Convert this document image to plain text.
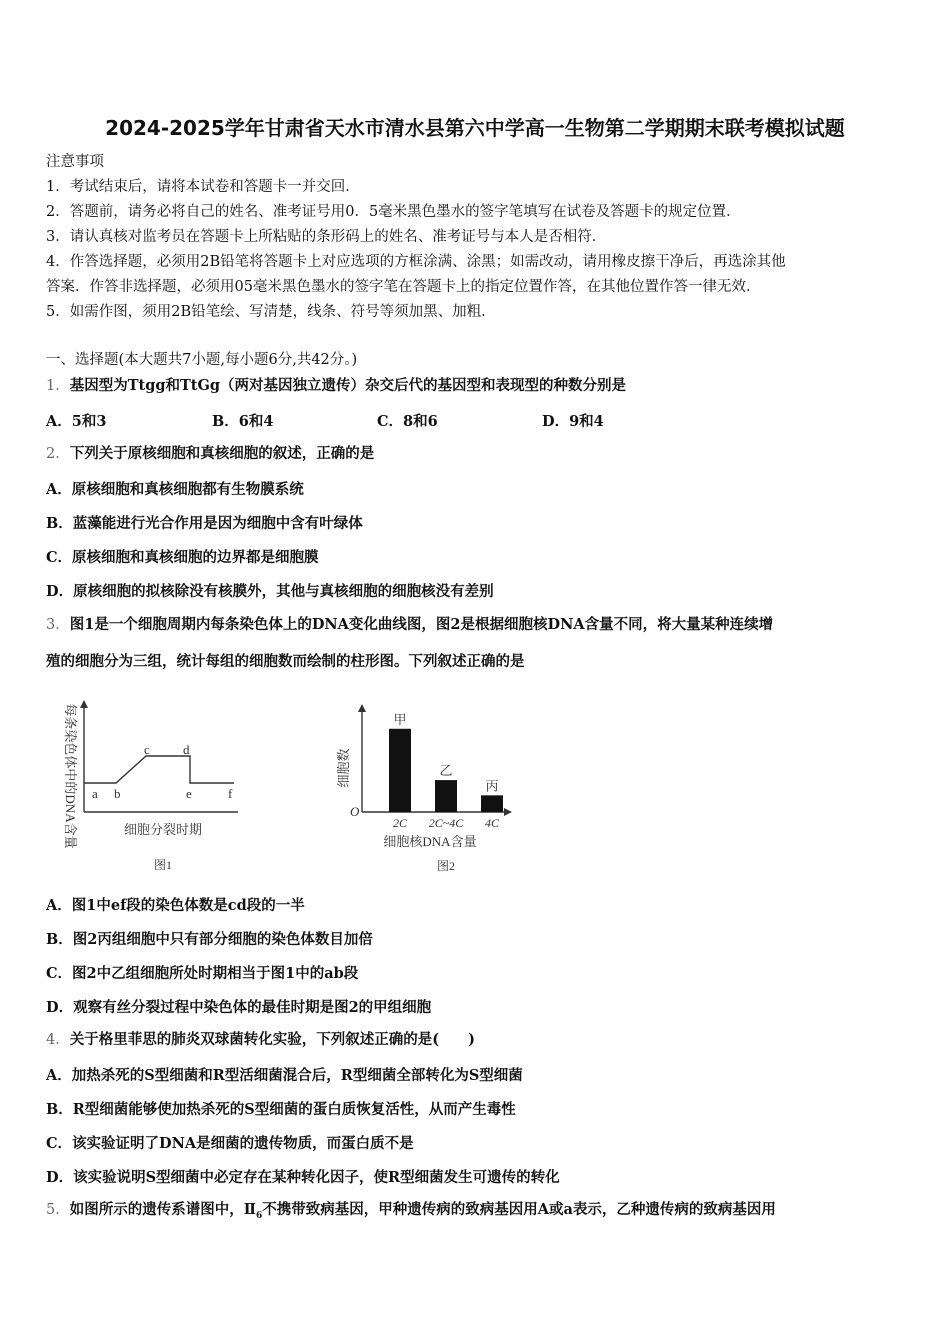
2024-2025学年甘肃省天水市清水县第六中学高一生物第二学期期末联考模拟试题
注意事项
1．考试结束后，请将本试卷和答题卡一并交回．
2．答题前，请务必将自己的姓名、准考证号用0．5毫米黑色墨水的签字笔填写在试卷及答题卡的规定位置．
3．请认真核对监考员在答题卡上所粘贴的条形码上的姓名、准考证号与本人是否相符．
4．作答选择题，必须用2B铅笔将答题卡上对应选项的方框涂满、涂黑；如需改动，请用橡皮擦干净后，再选涂其他
答案．作答非选择题，必须用05毫米黑色墨水的签字笔在答题卡上的指定位置作答，在其他位置作答一律无效．
5．如需作图，须用2B铅笔绘、写清楚，线条、符号等须加黑、加粗．
一、选择题(本大题共7小题,每小题6分,共42分。)
1．基因型为Ttgg和TtGg（两对基因独立遗传）杂交后代的基因型和表现型的种数分别是
A．5和3	B．6和4	C．8和6	D．9和4
2．下列关于原核细胞和真核细胞的叙述，正确的是
A．原核细胞和真核细胞都有生物膜系统
B．蓝藻能进行光合作用是因为细胞中含有叶绿体
C．原核细胞和真核细胞的边界都是细胞膜
D．原核细胞的拟核除没有核膜外，其他与真核细胞的细胞核没有差别
3．图1是一个细胞周期内每条染色体上的DNA变化曲线图，图2是根据细胞核DNA含量不同，将大量某种连续增
殖的细胞分为三组，统计每组的细胞数而绘制的柱形图。下列叙述正确的是
每条染色体中的DNA含量 a b
c	d
e	f
细胞分裂时期
图1
细胞数
O
甲
2C
乙
2C~4C
丙
4C
细胞核DNA含量
图2
A．图1中ef段的染色体数是cd段的一半
B．图2丙组细胞中只有部分细胞的染色体数目加倍
C．图2中乙组细胞所处时期相当于图1中的ab段
D．观察有丝分裂过程中染色体的最佳时期是图2的甲组细胞
4．关于格里菲思的肺炎双球菌转化实验，下列叙述正确的是(　　)
A．加热杀死的S型细菌和R型活细菌混合后，R型细菌全部转化为S型细菌
B．R型细菌能够使加热杀死的S型细菌的蛋白质恢复活性，从而产生毒性
C．该实验证明了DNA是细菌的遗传物质，而蛋白质不是
D．该实验说明S型细菌中必定存在某种转化因子，使R型细菌发生可遗传的转化
5．如图所示的遗传系谱图中，$Ⅱ_6$不携带致病基因，甲种遗传病的致病基因用A或a表示，乙种遗传病的致病基因用
